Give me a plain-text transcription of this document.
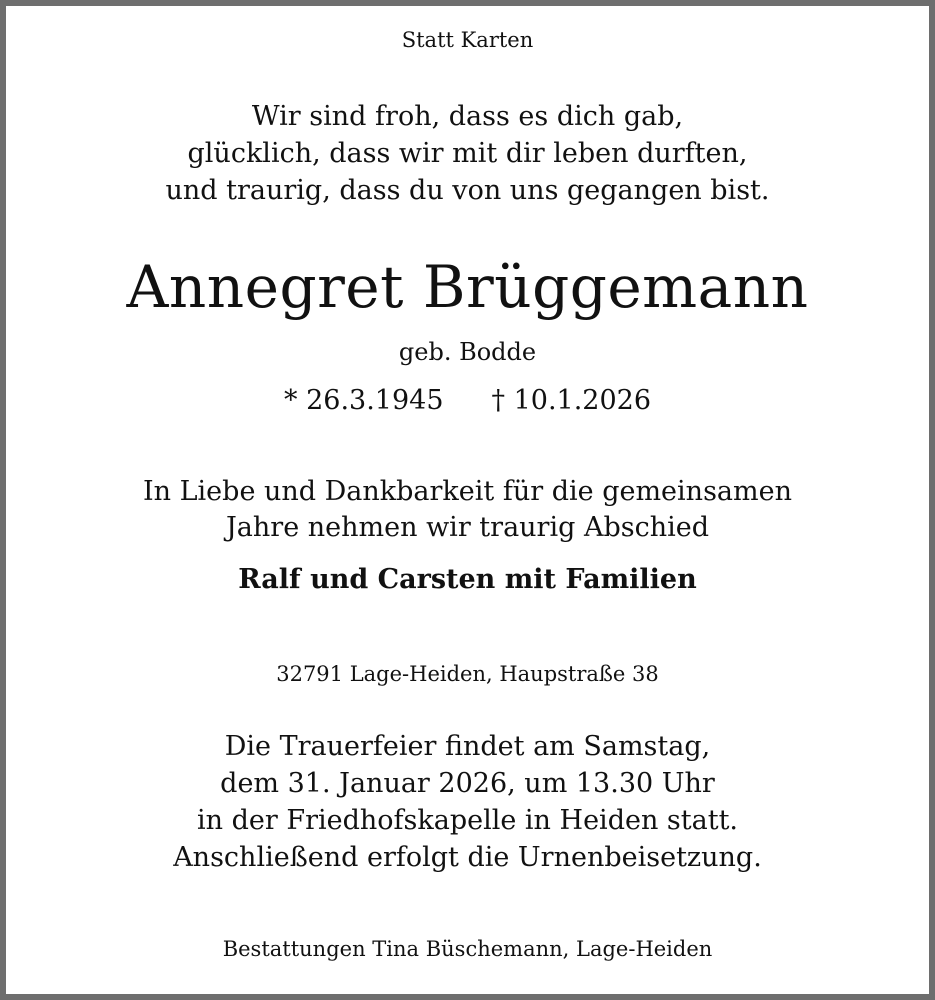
Statt Karten
Wir sind froh, dass es dich gab,
glücklich, dass wir mit dir leben durften,
und traurig, dass du von uns gegangen bist.
Annegret Brüggemann
geb. Bodde
* 26.3.1945 † 10.1.2026
In Liebe und Dankbarkeit für die gemeinsamen
Jahre nehmen wir traurig Abschied
Ralf und Carsten mit Familien
32791 Lage-Heiden, Haupstraße 38
Die Trauerfeier findet am Samstag,
dem 31. Januar 2026, um 13.30 Uhr
in der Friedhofskapelle in Heiden statt.
Anschließend erfolgt die Urnenbeisetzung.
Bestattungen Tina Büschemann, Lage-Heiden
